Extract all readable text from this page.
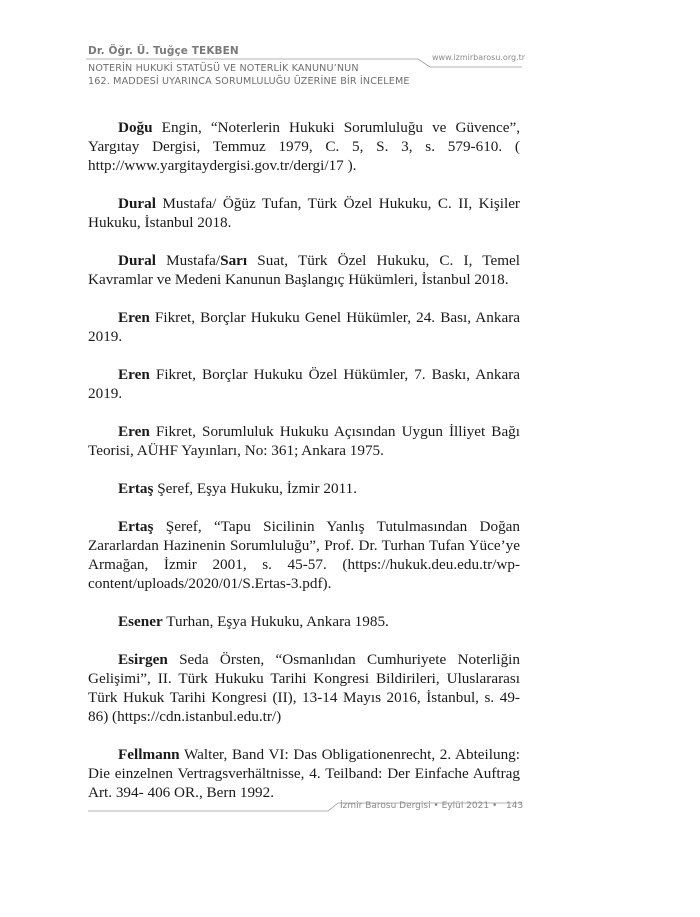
Dr. Öğr. Ü. Tuğçe TEKBEN
www.izmirbarosu.org.tr
NOTERİN HUKUKİ STATÜSÜ VE NOTERLİK KANUNU’NUN
162. MADDESİ UYARINCA SORUMLULUĞU ÜZERİNE BİR İNCELEME

Doğu Engin, “Noterlerin Hukuki Sorumluluğu ve Güvence”, Yargıtay Dergisi, Temmuz 1979, C. 5, S. 3, s. 579-610. ( http://www.yargitaydergisi.gov.tr/dergi/17 ).

Dural Mustafa/ Öğüz Tufan, Türk Özel Hukuku, C. II, Kişiler Hukuku, İstanbul 2018.

Dural Mustafa/Sarı Suat, Türk Özel Hukuku, C. I, Temel Kavramlar ve Medeni Kanunun Başlangıç Hükümleri, İstanbul 2018.

Eren Fikret, Borçlar Hukuku Genel Hükümler, 24. Bası, Ankara 2019.

Eren Fikret, Borçlar Hukuku Özel Hükümler, 7. Baskı, Ankara 2019.

Eren Fikret, Sorumluluk Hukuku Açısından Uygun İlliyet Bağı Teorisi, AÜHF Yayınları, No: 361; Ankara 1975.

Ertaş Şeref, Eşya Hukuku, İzmir 2011.

Ertaş Şeref, “Tapu Sicilinin Yanlış Tutulmasından Doğan Zararlardan Hazinenin Sorumluluğu”, Prof. Dr. Turhan Tufan Yüce’ye Armağan, İzmir 2001, s. 45-57. (https://hukuk.deu.edu.tr/wp-content/uploads/2020/01/S.Ertas-3.pdf).

Esener Turhan, Eşya Hukuku, Ankara 1985.

Esirgen Seda Örsten, “Osmanlıdan Cumhuriyete Noterliğin Gelişimi”, II. Türk Hukuku Tarihi Kongresi Bildirileri, Uluslararası Türk Hukuk Tarihi Kongresi (II), 13-14 Mayıs 2016, İstanbul, s. 49-86) (https://cdn.istanbul.edu.tr/)

Fellmann Walter, Band VI: Das Obligationenrecht, 2. Abteilung: Die einzelnen Vertragsverhältnisse, 4. Teilband: Der Einfache Auftrag Art. 394- 406 OR., Bern 1992.

İzmir Barosu Dergisi • Eylül 2021 • 143
